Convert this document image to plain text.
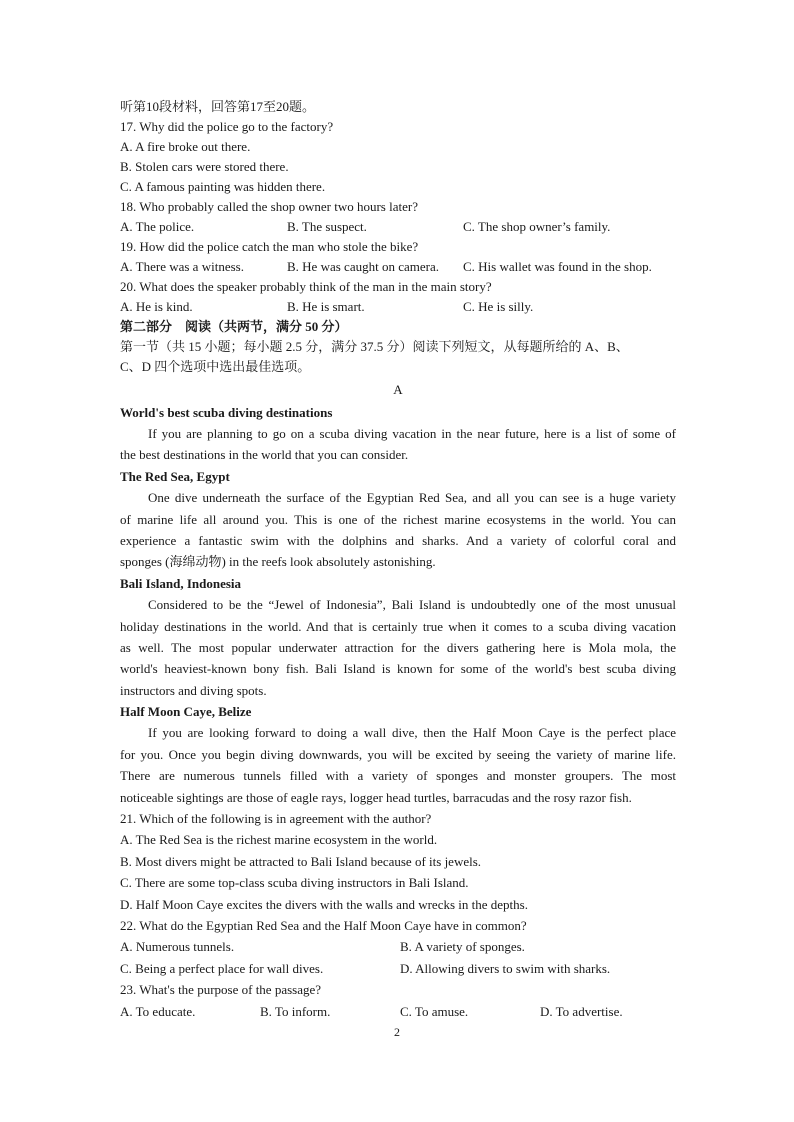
听第10段材料，回答第17至20题。
17. Why did the police go to the factory?
A. A fire broke out there.
B. Stolen cars were stored there.
C. A famous painting was hidden there.
18. Who probably called the shop owner two hours later?
A. The police.	B. The suspect.	C. The shop owner’s family.
19. How did the police catch the man who stole the bike?
A. There was a witness.	B. He was caught on camera.	C. His wallet was found in the shop.
20. What does the speaker probably think of the man in the main story?
A. He is kind.	B. He is smart.	C. He is silly.
第二部分　阅读（共两节，满分 50 分）
第一节（共 15 小题；每小题 2.5 分，满分 37.5 分）阅读下列短文，从每题所给的 A、B、
C、D 四个选项中选出最佳选项。
A
World's best scuba diving destinations
If you are planning to go on a scuba diving vacation in the near future, here is a list of some of
the best destinations in the world that you can consider.
The Red Sea, Egypt
One dive underneath the surface of the Egyptian Red Sea, and all you can see is a huge variety
of marine life all around you. This is one of the richest marine ecosystems in the world. You can
experience a fantastic swim with the dolphins and sharks. And a variety of colorful coral and
sponges (海绵动物) in the reefs look absolutely astonishing.
Bali Island, Indonesia
Considered to be the “Jewel of Indonesia”, Bali Island is undoubtedly one of the most unusual
holiday destinations in the world. And that is certainly true when it comes to a scuba diving vacation
as well. The most popular underwater attraction for the divers gathering here is Mola mola, the
world's heaviest-known bony fish. Bali Island is known for some of the world's best scuba diving
instructors and diving spots.
Half Moon Caye, Belize
If you are looking forward to doing a wall dive, then the Half Moon Caye is the perfect place
for you. Once you begin diving downwards, you will be excited by seeing the variety of marine life.
There are numerous tunnels filled with a variety of sponges and monster groupers. The most
noticeable sightings are those of eagle rays, logger head turtles, barracudas and the rosy razor fish.
21. Which of the following is in agreement with the author?
A. The Red Sea is the richest marine ecosystem in the world.
B. Most divers might be attracted to Bali Island because of its jewels.
C. There are some top-class scuba diving instructors in Bali Island.
D. Half Moon Caye excites the divers with the walls and wrecks in the depths.
22. What do the Egyptian Red Sea and the Half Moon Caye have in common?
A. Numerous tunnels.	B. A variety of sponges.
C. Being a perfect place for wall dives.	D. Allowing divers to swim with sharks.
23. What's the purpose of the passage?
A. To educate.	B. To inform.	C. To amuse.	D. To advertise.
2
